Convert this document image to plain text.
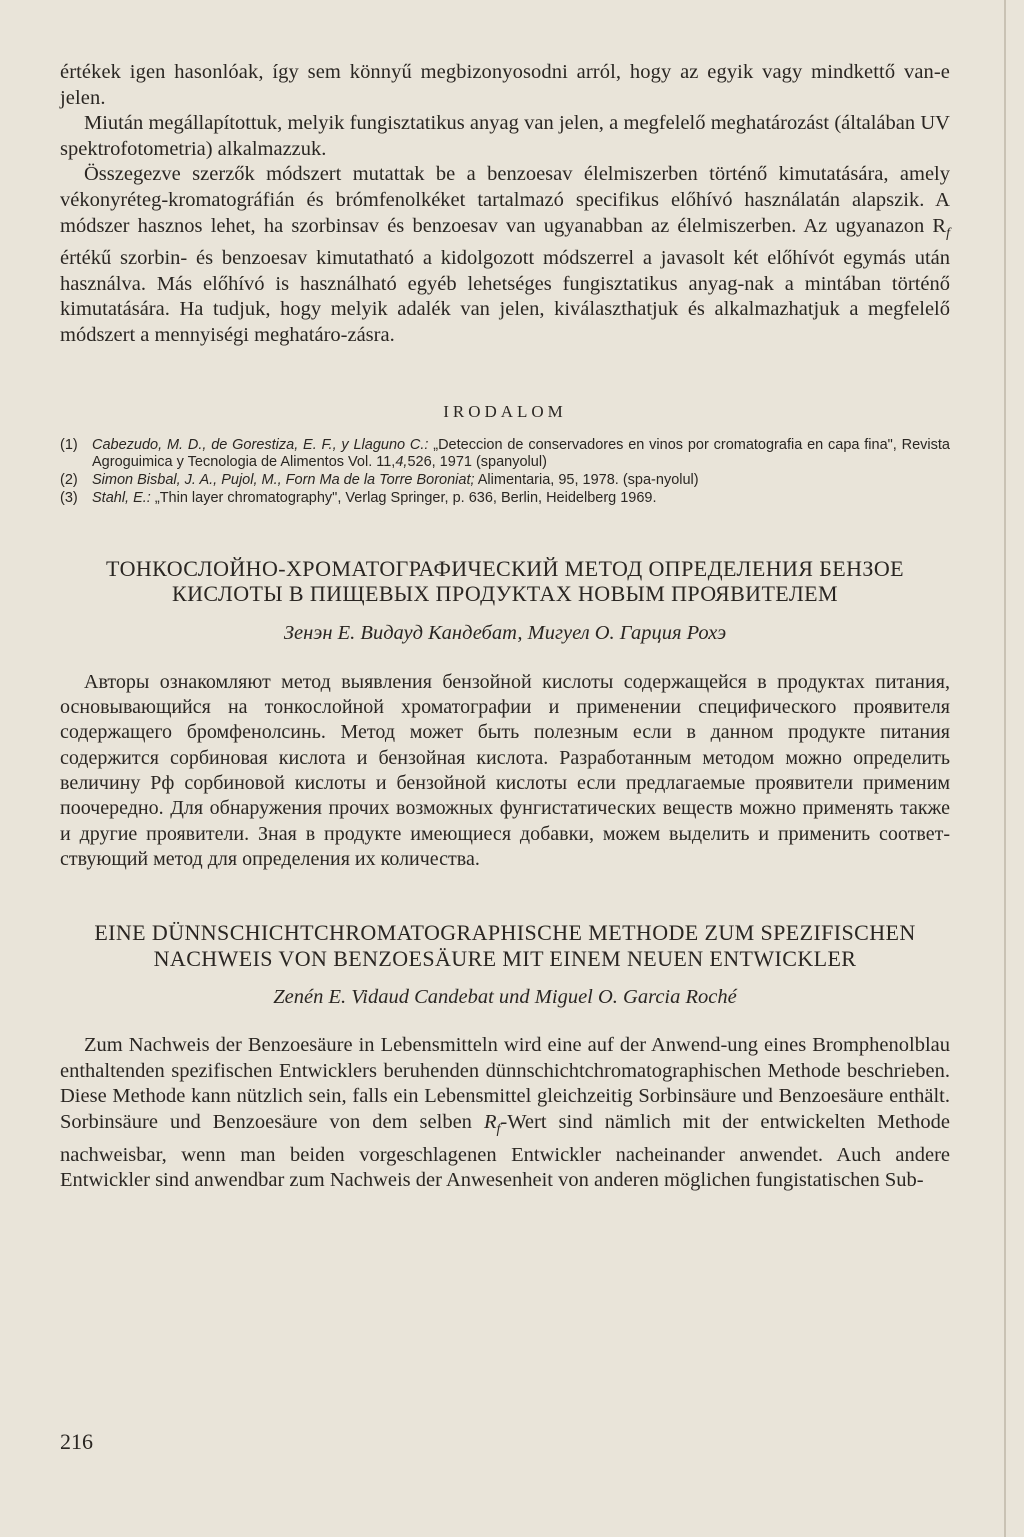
értékek igen hasonlóak, így sem könnyű megbizonyosodni arról, hogy az egyik vagy mindkettő van-e jelen.

Miután megállapítottuk, melyik fungisztatikus anyag van jelen, a megfelelő meghatározást (általában UV spektrofotometria) alkalmazzuk.

Összegezve szerzők módszert mutattak be a benzoesav élelmiszerben történő kimutatására, amely vékonyréteg-kromatográfián és brómfenolkéket tartalmazó specifikus előhívó használatán alapszik. A módszer hasznos lehet, ha szorbinsav és benzoesav van ugyanabban az élelmiszerben. Az ugyanazon $R_f$ értékű szorbin- és benzoesav kimutatható a kidolgozott módszerrel a javasolt két előhívót egymás után használva. Más előhívó is használható egyéb lehetséges fungisztatikus anyag-nak a mintában történő kimutatására. Ha tudjuk, hogy melyik adalék van jelen, kiválaszthatjuk és alkalmazhatjuk a megfelelő módszert a mennyiségi meghatáro-zásra.

IRODALOM
(1) Cabezudo, M. D., de Gorestiza, E. F., y Llaguno C.: „Deteccion de conservadores en vinos por cromatografia en capa fina", Revista Agroguimica y Tecnologia de Alimentos Vol. 11,4,526, 1971 (spanyolul)
(2) Simon Bisbal, J. A., Pujol, M., Forn Ma de la Torre Boroniat; Alimentaria, 95, 1978. (spa-nyolul)
(3) Stahl, E.: „Thin layer chromatography", Verlag Springer, p. 636, Berlin, Heidelberg 1969.
ТОНКОСЛОЙНО-ХРОМАТОГРАФИЧЕСКИЙ МЕТОД ОПРЕДЕЛЕНИЯ БЕНЗОЕ КИСЛОТЫ В ПИЩЕВЫХ ПРОДУКТАХ НОВЫМ ПРОЯВИТЕЛЕМ
Зенэн Е. Видауд Кандебат, Мигуел О. Гарция Рохэ

Авторы ознакомляют метод выявления бензойной кислоты содержащейся в продуктах питания, основывающийся на тонкослойной хроматографии и применении специфического проявителя содержащего бромфенолсинь. Метод может быть полезным если в данном продукте питания содержится сорбиновая кислота и бензойная кислота. Разработанным методом можно определить величину Рф сорбиновой кислоты и бензойной кислоты если предлагаемые проявители применим поочередно. Для обнаружения прочих возможных фунгистатических веществ можно применять также и другие проявители. Зная в продукте имеющиеся добавки, можем выделить и применить соответ-ствующий метод для определения их количества.

EINE DÜNNSCHICHTCHROMATOGRAPHISCHE METHODE ZUM SPEZIFISCHEN NACHWEIS VON BENZOESÄURE MIT EINEM NEUEN ENTWICKLER
Zenén E. Vidaud Candebat und Miguel O. Garcia Roché

Zum Nachweis der Benzoesäure in Lebensmitteln wird eine auf der Anwend-ung eines Bromphenolblau enthaltenden spezifischen Entwicklers beruhenden dünnschichtchromatographischen Methode beschrieben. Diese Methode kann nützlich sein, falls ein Lebensmittel gleichzeitig Sorbinsäure und Benzoesäure enthält. Sorbinsäure und Benzoesäure von dem selben $R_f$-Wert sind nämlich mit der entwickelten Methode nachweisbar, wenn man beiden vorgeschlagenen Entwickler nacheinander anwendet. Auch andere Entwickler sind anwendbar zum Nachweis der Anwesenheit von anderen möglichen fungistatischen Sub-

216
